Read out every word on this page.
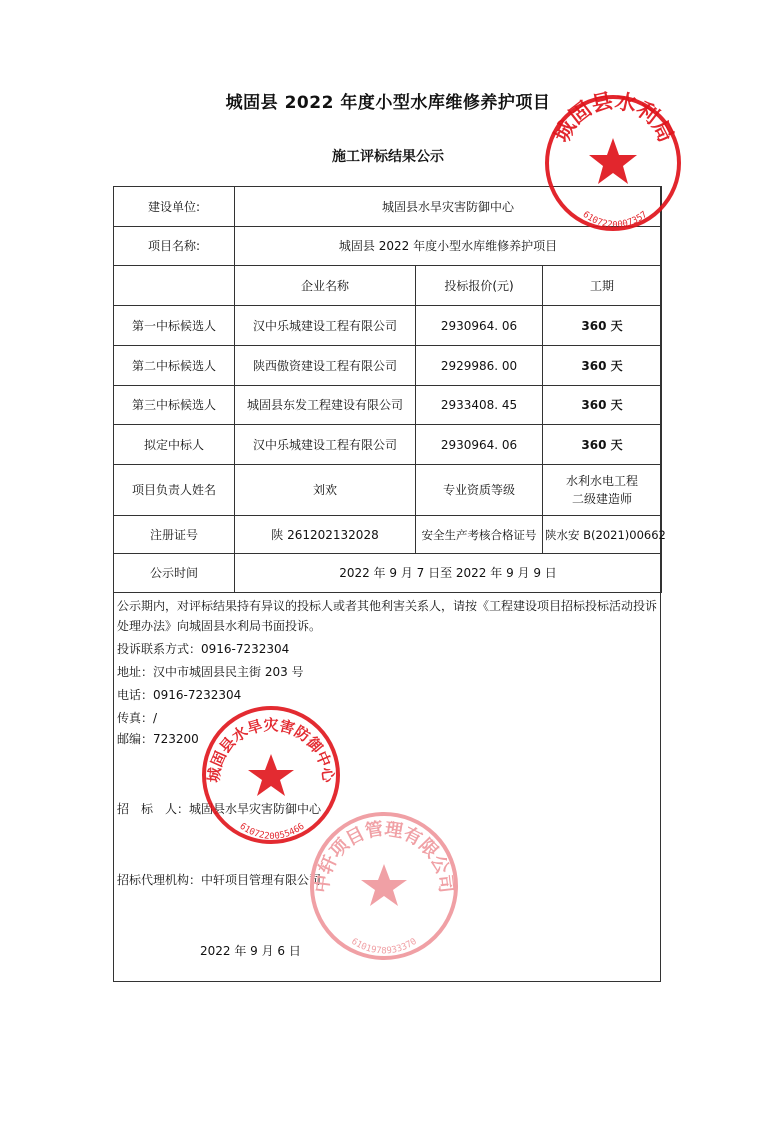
城固县 2022 年度小型水库维修养护项目
施工评标结果公示
建设单位:	城固县水旱灾害防御中心		
项目名称:	城固县 2022 年度小型水库维修养护项目		
	企业名称	投标报价(元)	工期
第一中标候选人	汉中乐城建设工程有限公司	2930964. 06	360 天
第二中标候选人	陕西傲资建设工程有限公司	2929986. 00	360 天
第三中标候选人	城固县东发工程建设有限公司	2933408. 45	360 天
拟定中标人	汉中乐城建设工程有限公司	2930964. 06	360 天
项目负责人姓名	刘欢	专业资质等级	水利水电工程
二级建造师

注册证号	陕 261202132028	安全生产考核合格证号	陕水安 B(2021)00662
公示时间	2022 年 9 月 7 日至 2022 年 9 月 9 日		
公示期内，对评标结果持有异议的投标人或者其他利害关系人，请按《工程建设项目招标投标活动投诉处理办法》向城固县水利局书面投诉。
投诉联系方式：0916-7232304
地址：汉中市城固县民主街 203 号
电话：0916-7232304
传真：/
邮编：723200
招　标　人：城固县水旱灾害防御中心
招标代理机构：中轩项目管理有限公司
2022 年 9 月 6 日
城固县水利局
6107220007357
城固县水旱灾害防御中心
6107220055466
中轩项目管理有限公司
6101978933370
